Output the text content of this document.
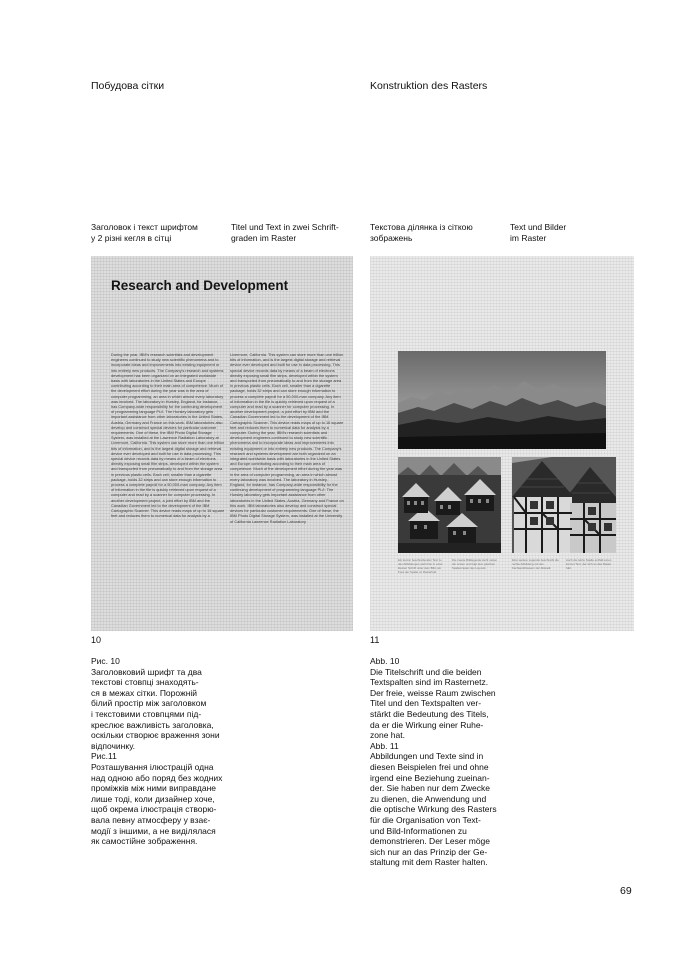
Побудова сітки	Konstruktion des Rasters
Заголовок і текст шрифтом
у 2 різні кегля в сітці
Titel und Text in zwei Schrift-
graden im Raster
Текстова ділянка із сіткою
зображень
Text und Bilder
im Raster
Research and Development
During the year, IBM's research scientists and development engineers continued to study new scientific phenomena and to incorporate ideas and improvements into existing equipment or into entirely new products. The Company's research and systems development has been organized on an integrated worldwide basis with laboratories in the United States and Europe contributing according to their main area of competence. Much of the development effort during the year was in the area of computer programming, an area in which almost every laboratory was involved. The laboratory in Hursley, England, for instance, has Company-wide responsibility for the continuing development of programming language PL/I. The Hursley laboratory gets important assistance from other laboratories in the United States, Austria, Germany and France on this work. IBM laboratories also develop and construct special devices for particular customer requirements. One of these, the IBM Photo Digital Storage System, was installed at the Lawrence Radiation Laboratory at Livermore, California. This system can store more than one trillion bits of information, and is the largest digital storage and retrieval device ever developed and built for use in data processing. This special device records data by means of a beam of electrons directly exposing small film strips, developed within the system and transported from pneumatically to and from the storage area in previous plastic cells. Each cell, smaller than a cigarette package, holds 32 strips and can store enough information to process a complete payroll for a 50,000-man company. Any item of information in the file is quickly retrieved upon request of a computer and read by a scanner for computer processing. In another development project, a joint effort by IBM and the Canadian Government led to the development of the IBM Cartographic Scanner. This device reads maps of up to 16 square feet and reduces them to numerical data for analysis by a
Livermore, California. This system can store more than one trillion bits of information, and is the largest digital storage and retrieval device ever developed and built for use in data processing. This special device records data by means of a beam of electrons directly exposing small film strips, developed within the system and transported from pneumatically to and from the storage area in previous plastic cells. Each cell, smaller than a cigarette package, holds 32 strips and can store enough information to process a complete payroll for a 50,000-man company. Any item of information in the file is quickly retrieved upon request of a computer and read by a scanner for computer processing. In another development project, a joint effort by IBM and the Canadian Government led to the development of the IBM Cartographic Scanner. This device reads maps of up to 16 square feet and reduces them to numerical data for analysis by a computer. During the year, IBM's research scientists and development engineers continued to study new scientific phenomena and to incorporate ideas and improvements into existing equipment or into entirely new products. The Company's research and systems development are both organized on an integrated worldwide basis with laboratories in the United States and Europe contributing according to their main area of competence. Much of the development effort during the year was in the area of computer programming, an area in which almost every laboratory was involved. The laboratory in Hursley, England, for instance, has Company-wide responsibility for the continuing development of programming language PL/I. The Hursley laboratory gets important assistance from other laboratories in the United States, Austria, Germany and France on this work. IBM laboratories also develop and construct special devices for particular customer requirements. One of these, the IBM Photo Digital Storage System, was installed at the University of California Lawrence Radiation Laboratory
Ein kurzer beschreibender Text zu den Abbildungen steht hier in einer kleinen Schrift unter dem Bild, am Fuss der Spalte im Rasterfeld.
Die zweite Bildlegende steht neben der ersten und folgt dem gleichen Spaltenraster des Layouts.
Eine weitere Legende beschreibt die rechte Abbildung mit den Fachwerkhäusern der Altstadt.
Auch die letzte Spalte enthält einen kurzen Text, der sich an das Raster hält.
10	11
Рис. 10
Заголовковий шрифт та два
текстові стовпці знаходять-
ся в межах сітки. Порожній
білий простір між заголовком
і текстовими стовпцями під-
креслює важливість заголовка,
оскільки створює враження зони
відпочинку.
Рис.11
Розташування ілюстрацій одна
над одною або поряд без жодних
проміжків між ними виправдане
лише тоді, коли дизайнер хоче,
щоб окрема ілюстрація створю-
вала певну атмосферу у взає-
модії з іншими, а не виділялася
як самостійне зображення.
Abb. 10
Die Titelschrift und die beiden
Textspalten sind im Rasternetz.
Der freie, weisse Raum zwischen
Titel und den Textspalten ver-
stärkt die Bedeutung des Titels,
da er die Wirkung einer Ruhe-
zone hat.
Abb. 11
Abbildungen und Texte sind in
diesen Beispielen frei und ohne
irgend eine Beziehung zueinan-
der. Sie haben nur dem Zwecke
zu dienen, die Anwendung und
die optische Wirkung des Rasters
für die Organisation von Text-
und Bild-Informationen zu
demonstrieren. Der Leser möge
sich nur an das Prinzip der Ge-
staltung mit dem Raster halten.
69
